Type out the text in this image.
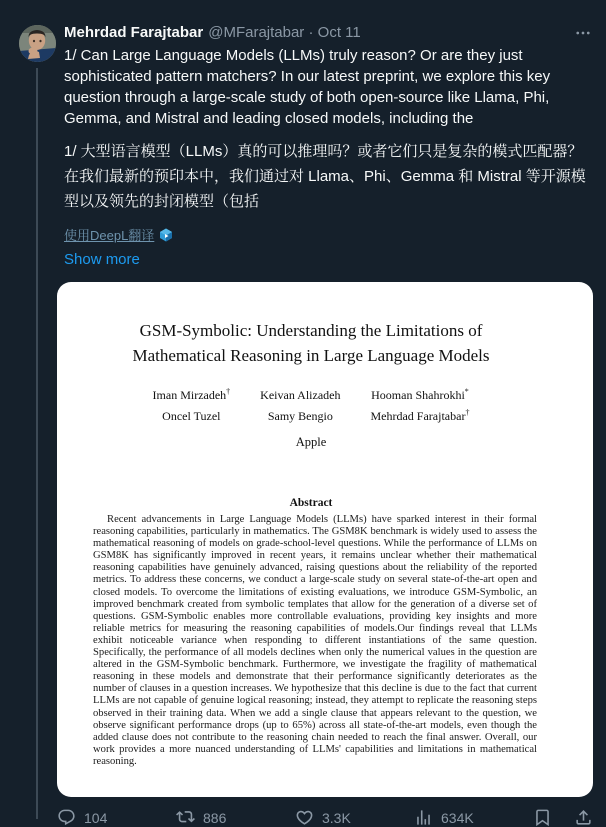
Mehrdad Farajtabar @MFarajtabar · Oct 11
1/ Can Large Language Models (LLMs) truly reason? Or are they just sophisticated pattern matchers? In our latest preprint, we explore this key question through a large-scale study of both open-source like Llama, Phi, Gemma, and Mistral and leading closed models, including the
1/ 大型语言模型（LLMs）真的可以推理吗？或者它们只是复杂的模式匹配器？在我们最新的预印本中，我们通过对 Llama、Phi、Gemma 和 Mistral 等开源模型以及领先的封闭模型（包括
使用DeepL翻译
Show more
GSM-Symbolic: Understanding the Limitations of
Mathematical Reasoning in Large Language Models
Iman Mirzadeh†
Oncel Tuzel
Keivan Alizadeh
Samy Bengio
Hooman Shahrokhi*
Mehrdad Farajtabar†
Apple
Abstract
Recent advancements in Large Language Models (LLMs) have sparked interest in their formal reasoning capabilities, particularly in mathematics. The GSM8K benchmark is widely used to assess the mathematical reasoning of models on grade-school-level questions. While the performance of LLMs on GSM8K has significantly improved in recent years, it remains unclear whether their mathematical reasoning capabilities have genuinely advanced, raising questions about the reliability of the reported metrics. To address these concerns, we conduct a large-scale study on several state-of-the-art open and closed models. To overcome the limitations of existing evaluations, we introduce GSM-Symbolic, an improved benchmark created from symbolic templates that allow for the generation of a diverse set of questions. GSM-Symbolic enables more controllable evaluations, providing key insights and more reliable metrics for measuring the reasoning capabilities of models.Our findings reveal that LLMs exhibit noticeable variance when responding to different instantiations of the same question. Specifically, the performance of all models declines when only the numerical values in the question are altered in the GSM-Symbolic benchmark. Furthermore, we investigate the fragility of mathematical reasoning in these models and demonstrate that their performance significantly deteriorates as the number of clauses in a question increases. We hypothesize that this decline is due to the fact that current LLMs are not capable of genuine logical reasoning; instead, they attempt to replicate the reasoning steps observed in their training data. When we add a single clause that appears relevant to the question, we observe significant performance drops (up to 65%) across all state-of-the-art models, even though the added clause does not contribute to the reasoning chain needed to reach the final answer. Overall, our work provides a more nuanced understanding of LLMs' capabilities and limitations in mathematical reasoning.
104	886	3.3K	634K
